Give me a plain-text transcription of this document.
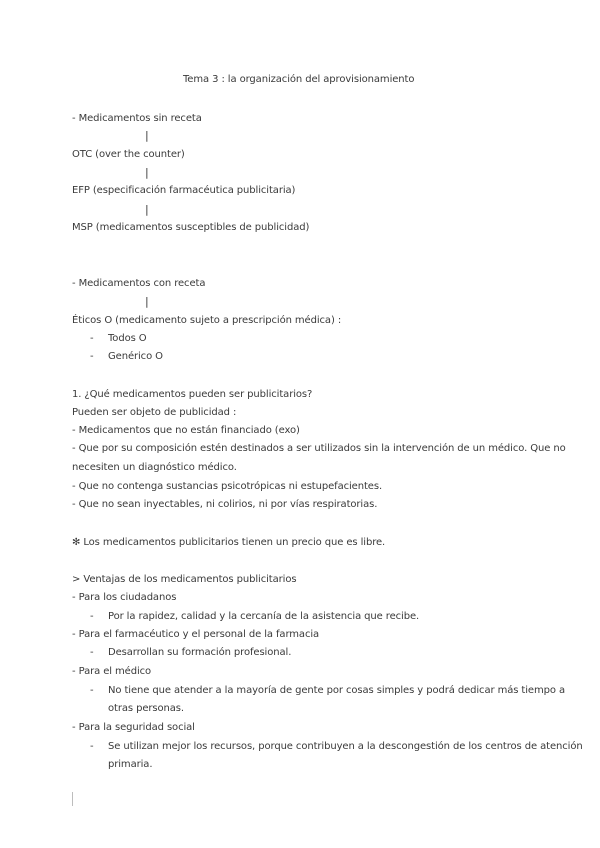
Tema 3 : la organización del aprovisionamiento
- Medicamentos sin receta
|
OTC (over the counter)
|
EFP (especificación farmacéutica publicitaria)
|
MSP (medicamentos susceptibles de publicidad)
- Medicamentos con receta
|
Éticos O (medicamento sujeto a prescripción médica) :
- Todos O
- Genérico O
1. ¿Qué medicamentos pueden ser publicitarios?
Pueden ser objeto de publicidad :
- Medicamentos que no están financiado (exo)
- Que por su composición estén destinados a ser utilizados sin la intervención de un médico. Que no
necesiten un diagnóstico médico.
- Que no contenga sustancias psicotrópicas ni estupefacientes.
- Que no sean inyectables, ni colirios, ni por vías respiratorias.
✻ Los medicamentos publicitarios tienen un precio que es libre.
> Ventajas de los medicamentos publicitarios
- Para los ciudadanos
- Por la rapidez, calidad y la cercanía de la asistencia que recibe.
- Para el farmacéutico y el personal de la farmacia
- Desarrollan su formación profesional.
- Para el médico
- No tiene que atender a la mayoría de gente por cosas simples y podrá dedicar más tiempo a
otras personas.
- Para la seguridad social
- Se utilizan mejor los recursos, porque contribuyen a la descongestión de los centros de atención
primaria.
